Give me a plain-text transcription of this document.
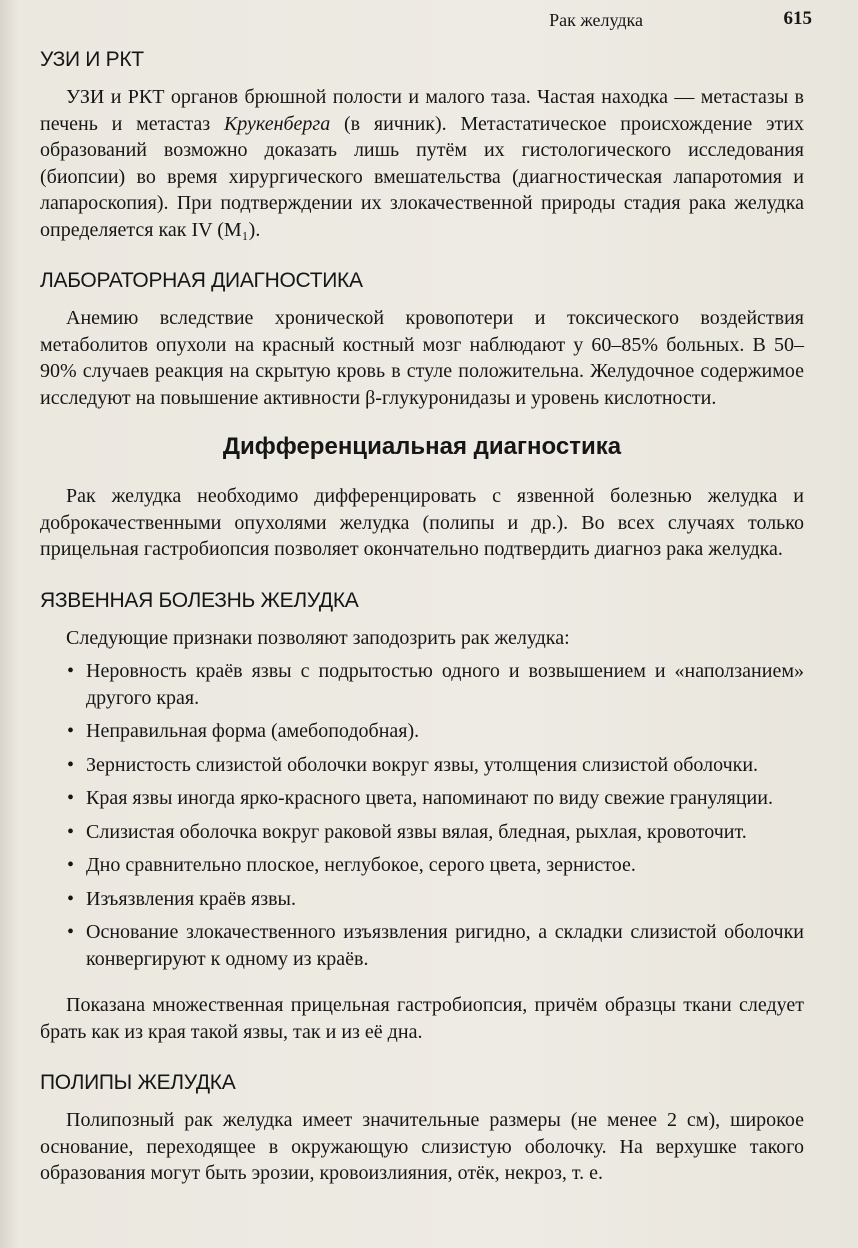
Рак желудка	615
УЗИ И РКТ

УЗИ и РКТ органов брюшной полости и малого таза. Частая находка — метастазы в печень и метастаз Крукенберга (в яичник). Метастатическое происхождение этих образований возможно доказать лишь путём их гистологического исследования (биопсии) во время хирургического вмешательства (диагностическая лапаротомия и лапароскопия). При подтверждении их злокачественной природы стадия рака желудка определяется как IV (M₁).

ЛАБОРАТОРНАЯ ДИАГНОСТИКА

Анемию вследствие хронической кровопотери и токсического воздействия метаболитов опухоли на красный костный мозг наблюдают у 60–85% больных. В 50–90% случаев реакция на скрытую кровь в стуле положительна. Желудочное содержимое исследуют на повышение активности β-глукуронидазы и уровень кислотности.

Дифференциальная диагностика

Рак желудка необходимо дифференцировать с язвенной болезнью желудка и доброкачественными опухолями желудка (полипы и др.). Во всех случаях только прицельная гастробиопсия позволяет окончательно подтвердить диагноз рака желудка.

ЯЗВЕННАЯ БОЛЕЗНЬ ЖЕЛУДКА

Следующие признаки позволяют заподозрить рак желудка:

• Неровность краёв язвы с подрытостью одного и возвышением и «наползанием» другого края.
• Неправильная форма (амебоподобная).
• Зернистость слизистой оболочки вокруг язвы, утолщения слизистой оболочки.
• Края язвы иногда ярко-красного цвета, напоминают по виду свежие грануляции.
• Слизистая оболочка вокруг раковой язвы вялая, бледная, рыхлая, кровоточит.
• Дно сравнительно плоское, неглубокое, серого цвета, зернистое.
• Изъязвления краёв язвы.
• Основание злокачественного изъязвления ригидно, а складки слизистой оболочки конвергируют к одному из краёв.

Показана множественная прицельная гастробиопсия, причём образцы ткани следует брать как из края такой язвы, так и из её дна.

ПОЛИПЫ ЖЕЛУДКА

Полипозный рак желудка имеет значительные размеры (не менее 2 см), широкое основание, переходящее в окружающую слизистую оболочку. На верхушке такого образования могут быть эрозии, кровоизлияния, отёк, некроз, т. е.
